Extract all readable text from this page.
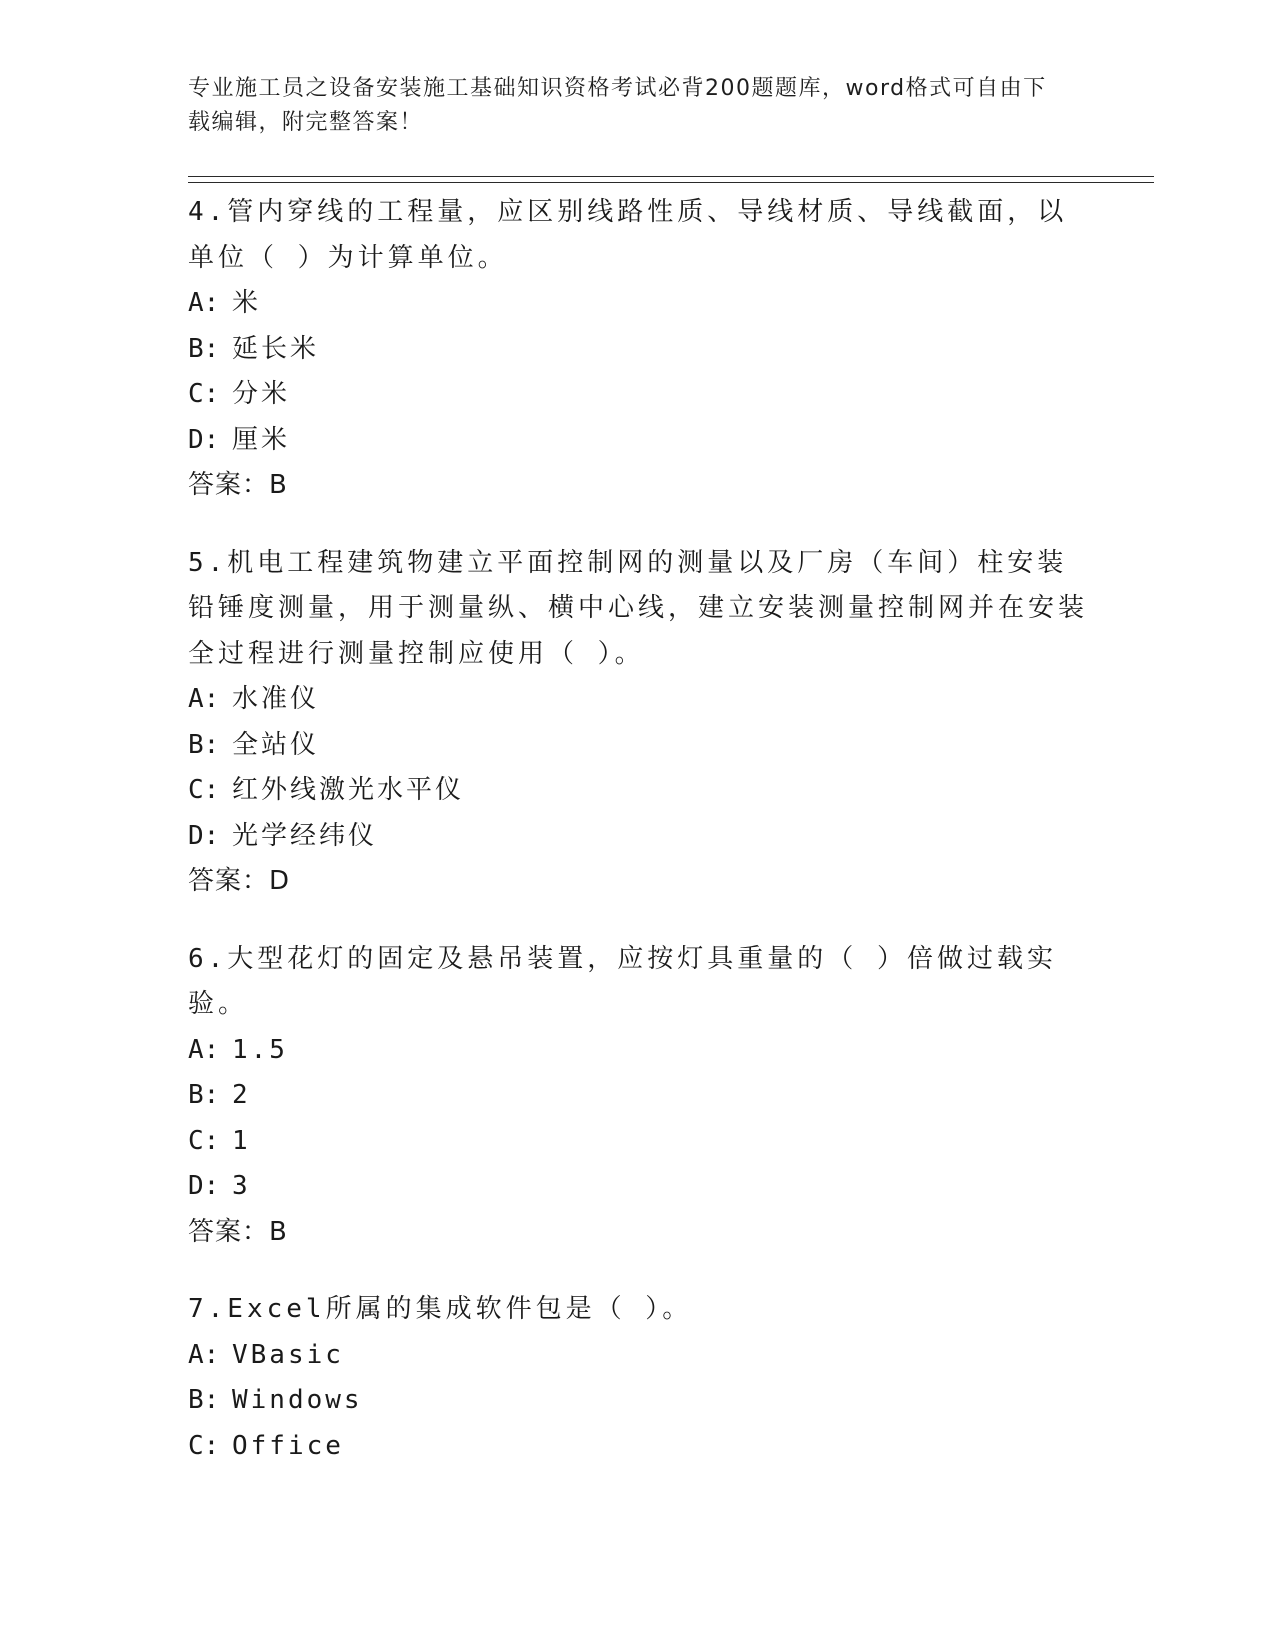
专业施工员之设备安装施工基础知识资格考试必背200题题库，word格式可自由下载编辑，附完整答案！

4.管内穿线的工程量，应区别线路性质、导线材质、导线截面，以单位（ ）为计算单位。

A: 米
B: 延长米
C: 分米
D: 厘米
答案：B

5.机电工程建筑物建立平面控制网的测量以及厂房（车间）柱安装铅锤度测量，用于测量纵、横中心线，建立安装测量控制网并在安装全过程进行测量控制应使用（ ）。

A: 水准仪
B: 全站仪
C: 红外线激光水平仪
D: 光学经纬仪
答案：D

6.大型花灯的固定及悬吊装置，应按灯具重量的（ ）倍做过载实验。

A: 1.5
B: 2
C: 1
D: 3
答案：B

7.Excel所属的集成软件包是（ ）。

A: VBasic
B: Windows
C: Office
